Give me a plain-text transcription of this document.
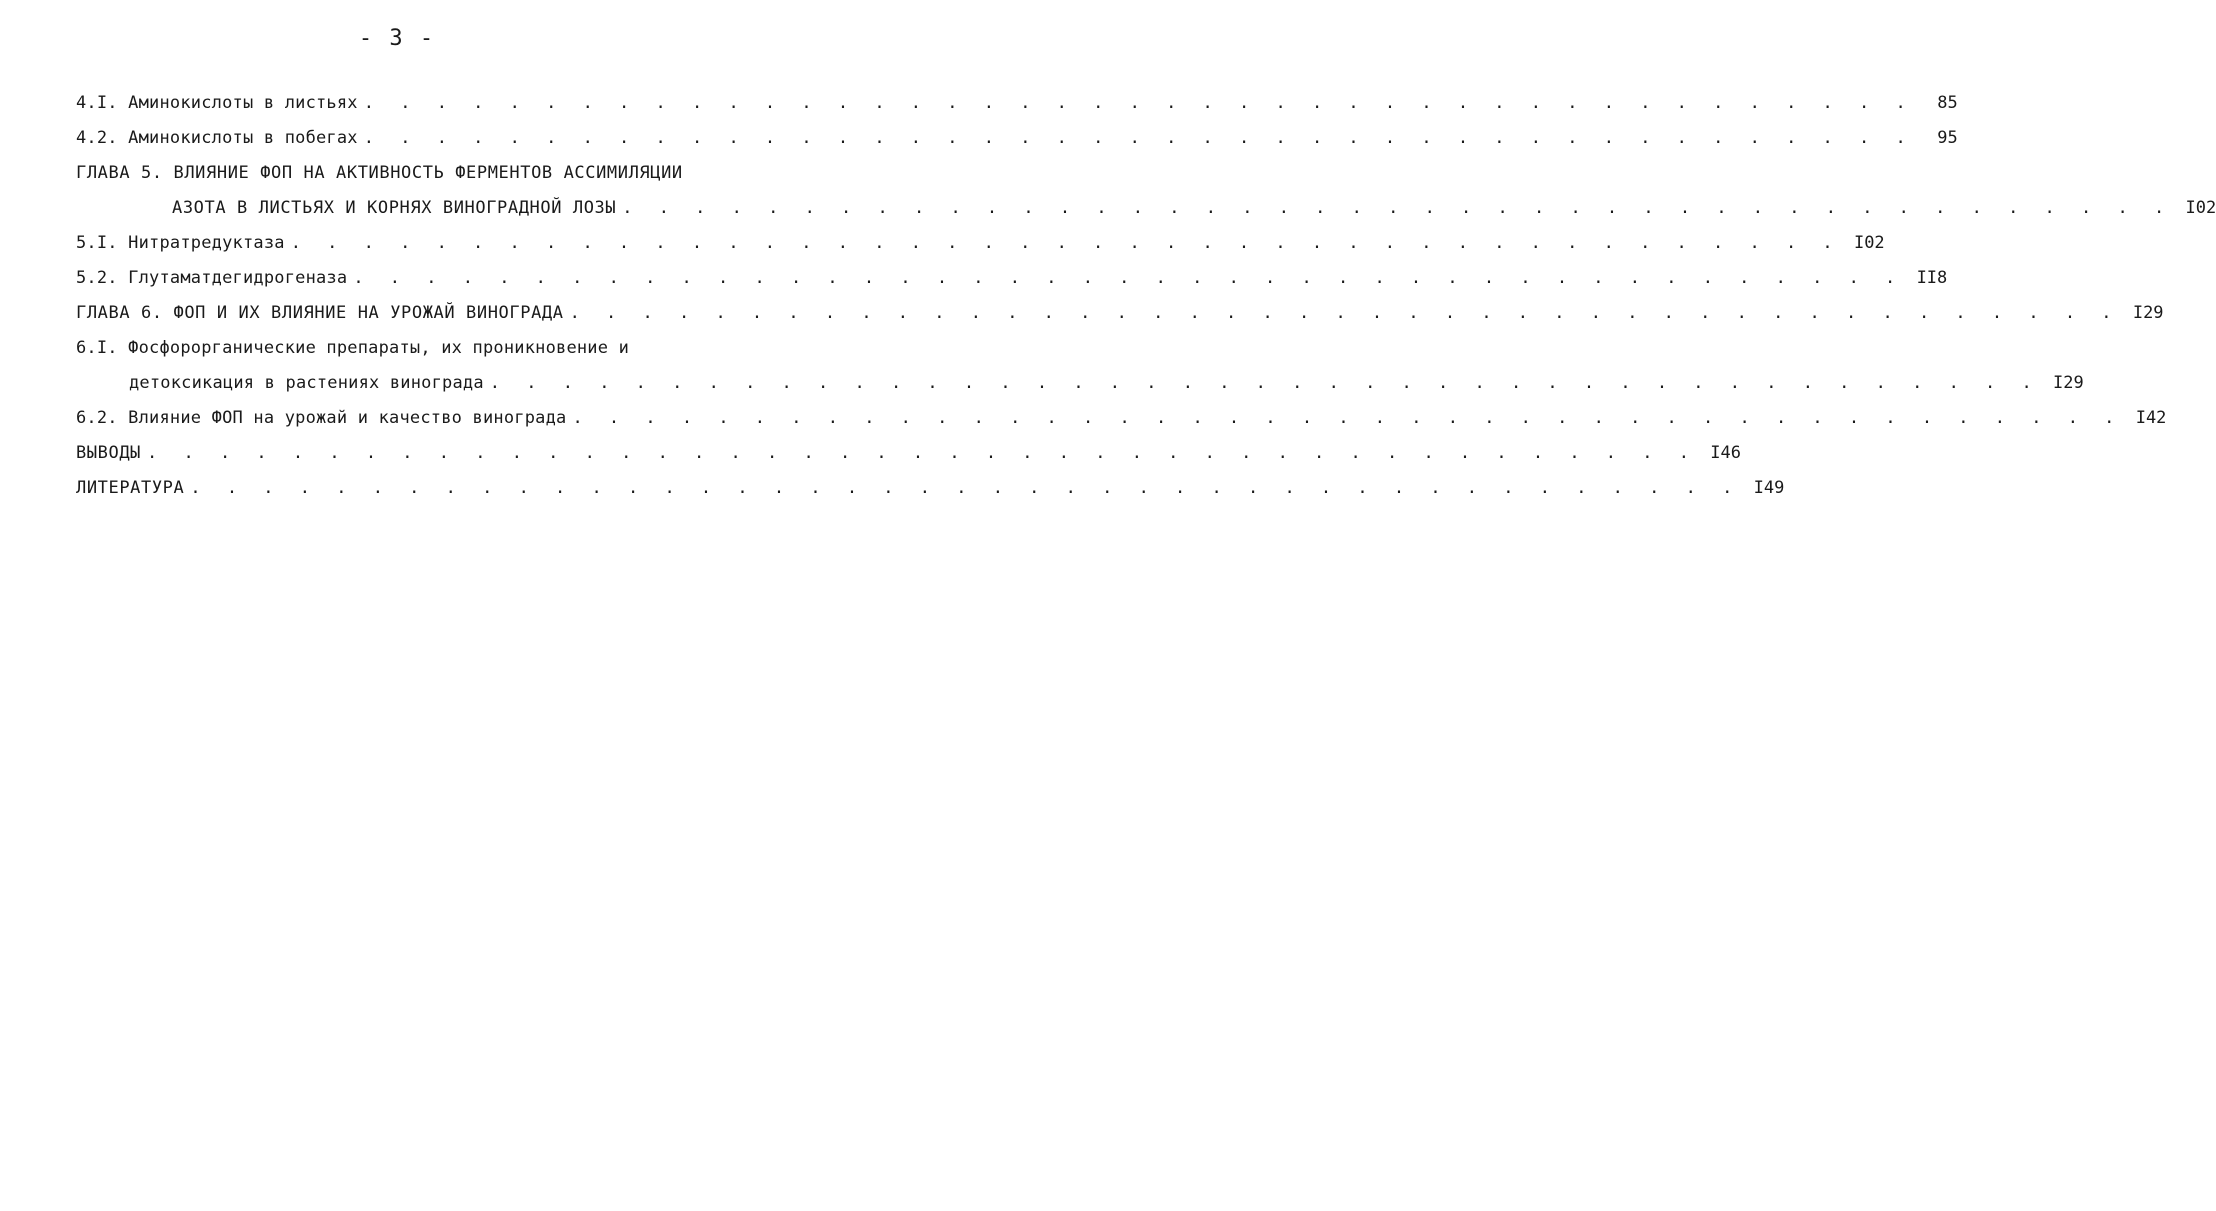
- 3 -
4.I. Аминокислоты в листьях . . . . . . . . . . . . . . . . . . . . . . . . . . . . . . . . . . . . . . . . . . .	85
4.2. Аминокислоты в побегах . . . . . . . . . . . . . . . . . . . . . . . . . . . . . . . . . . . . . . . . . . .	95
ГЛАВА 5. ВЛИЯНИЕ ФОП НА АКТИВНОСТЬ ФЕРМЕНТОВ АССИМИЛЯЦИИ
АЗОТА В ЛИСТЬЯХ И КОРНЯХ ВИНОГРАДНОЙ ЛОЗЫ . . . . . . . . . . . . . . . . . . . . . . . . . . . . . . . . . . . . . . . . . . . I02
5.I. Нитратредуктаза . . . . . . . . . . . . . . . . . . . . . . . . . . . . . . . . . . . . . . . . . . . I02
5.2. Глутаматдегидрогеназа . . . . . . . . . . . . . . . . . . . . . . . . . . . . . . . . . . . . . . . . . . . II8
ГЛАВА 6. ФОП И ИХ ВЛИЯНИЕ НА УРОЖАЙ ВИНОГРАДА . . . . . . . . . . . . . . . . . . . . . . . . . . . . . . . . . . . . . . . . . . . I29
6.I. Фосфорорганические препараты, их проникновение и
детоксикация в растениях винограда . . . . . . . . . . . . . . . . . . . . . . . . . . . . . . . . . . . . . . . . . . . I29
6.2. Влияние ФОП на урожай и качество винограда . . . . . . . . . . . . . . . . . . . . . . . . . . . . . . . . . . . . . . . . . . . I42
ВЫВОДЫ . . . . . . . . . . . . . . . . . . . . . . . . . . . . . . . . . . . . . . . . . . . I46
ЛИТЕРАТУРА . . . . . . . . . . . . . . . . . . . . . . . . . . . . . . . . . . . . . . . . . . . I49
